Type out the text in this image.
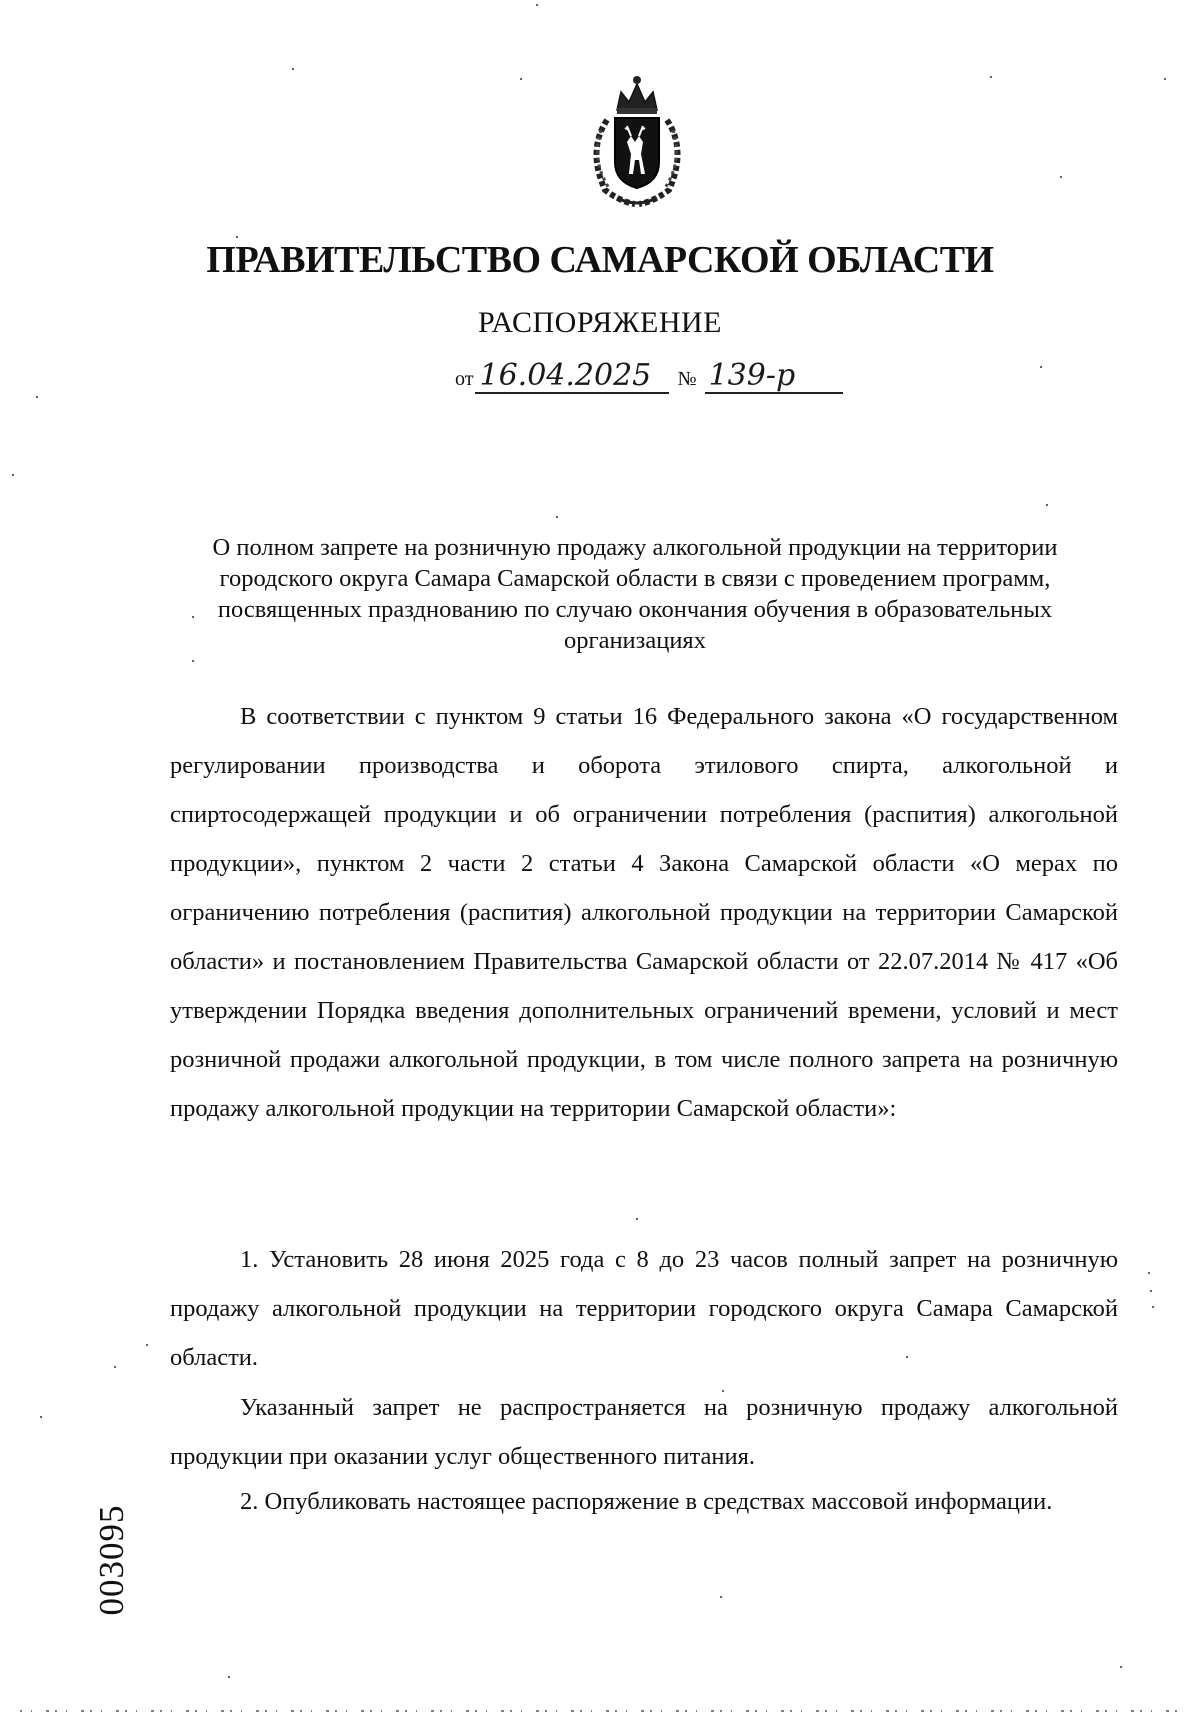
ПРАВИТЕЛЬСТВО САМАРСКОЙ ОБЛАСТИ
РАСПОРЯЖЕНИЕ
от 16.04.2025 № 139-р
О полном запрете на розничную продажу алкогольной продукции на территории городского округа Самара Самарской области в связи с проведением программ, посвященных празднованию по случаю окончания обучения в образовательных организациях
В соответствии с пунктом 9 статьи 16 Федерального закона «О государственном регулировании производства и оборота этилового спирта, алкогольной и спиртосодержащей продукции и об ограничении потребления (распития) алкогольной продукции», пунктом 2 части 2 статьи 4 Закона Самарской области «О мерах по ограничению потребления (распития) алкогольной продукции на территории Самарской области» и постановлением Правительства Самарской области от 22.07.2014 № 417 «Об утверждении Порядка введения дополнительных ограничений времени, условий и мест розничной продажи алкогольной продукции, в том числе полного запрета на розничную продажу алкогольной продукции на территории Самарской области»:
1. Установить 28 июня 2025 года с 8 до 23 часов полный запрет на розничную продажу алкогольной продукции на территории городского округа Самара Самарской области.
Указанный запрет не распространяется на розничную продажу алкогольной продукции при оказании услуг общественного питания.
2. Опубликовать настоящее распоряжение в средствах массовой информации.
003095
